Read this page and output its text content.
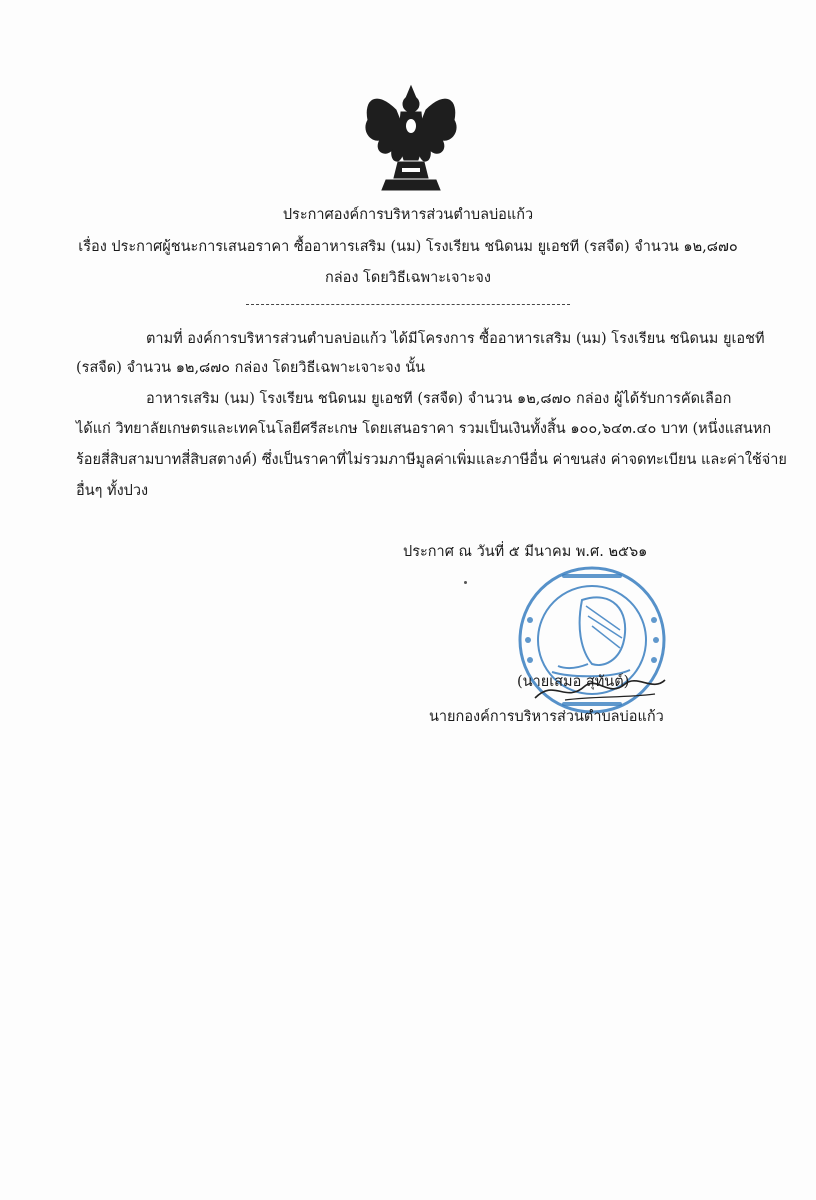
ประกาศองค์การบริหารส่วนตำบลบ่อแก้ว
เรื่อง ประกาศผู้ชนะการเสนอราคา ซื้ออาหารเสริม (นม) โรงเรียน ชนิดนม ยูเอชที (รสจืด) จำนวน ๑๒,๘๗๐
กล่อง โดยวิธีเฉพาะเจาะจง
ตามที่ องค์การบริหารส่วนตำบลบ่อแก้ว ได้มีโครงการ ซื้ออาหารเสริม (นม) โรงเรียน ชนิดนม ยูเอชที
(รสจืด) จำนวน ๑๒,๘๗๐ กล่อง โดยวิธีเฉพาะเจาะจง นั้น
อาหารเสริม (นม) โรงเรียน ชนิดนม ยูเอชที (รสจืด) จำนวน ๑๒,๘๗๐ กล่อง ผู้ได้รับการคัดเลือก
ได้แก่ วิทยาลัยเกษตรและเทคโนโลยีศรีสะเกษ โดยเสนอราคา รวมเป็นเงินทั้งสิ้น ๑๐๐,๖๔๓.๔๐ บาท (หนึ่งแสนหก
ร้อยสี่สิบสามบาทสี่สิบสตางค์) ซึ่งเป็นราคาที่ไม่รวมภาษีมูลค่าเพิ่มและภาษีอื่น ค่าขนส่ง ค่าจดทะเบียน และค่าใช้จ่าย
อื่นๆ ทั้งปวง
ประกาศ ณ วันที่ ๕ มีนาคม พ.ศ. ๒๕๖๑
(นายเสมอ สุทันต์)
นายกองค์การบริหารส่วนตำบลบ่อแก้ว
